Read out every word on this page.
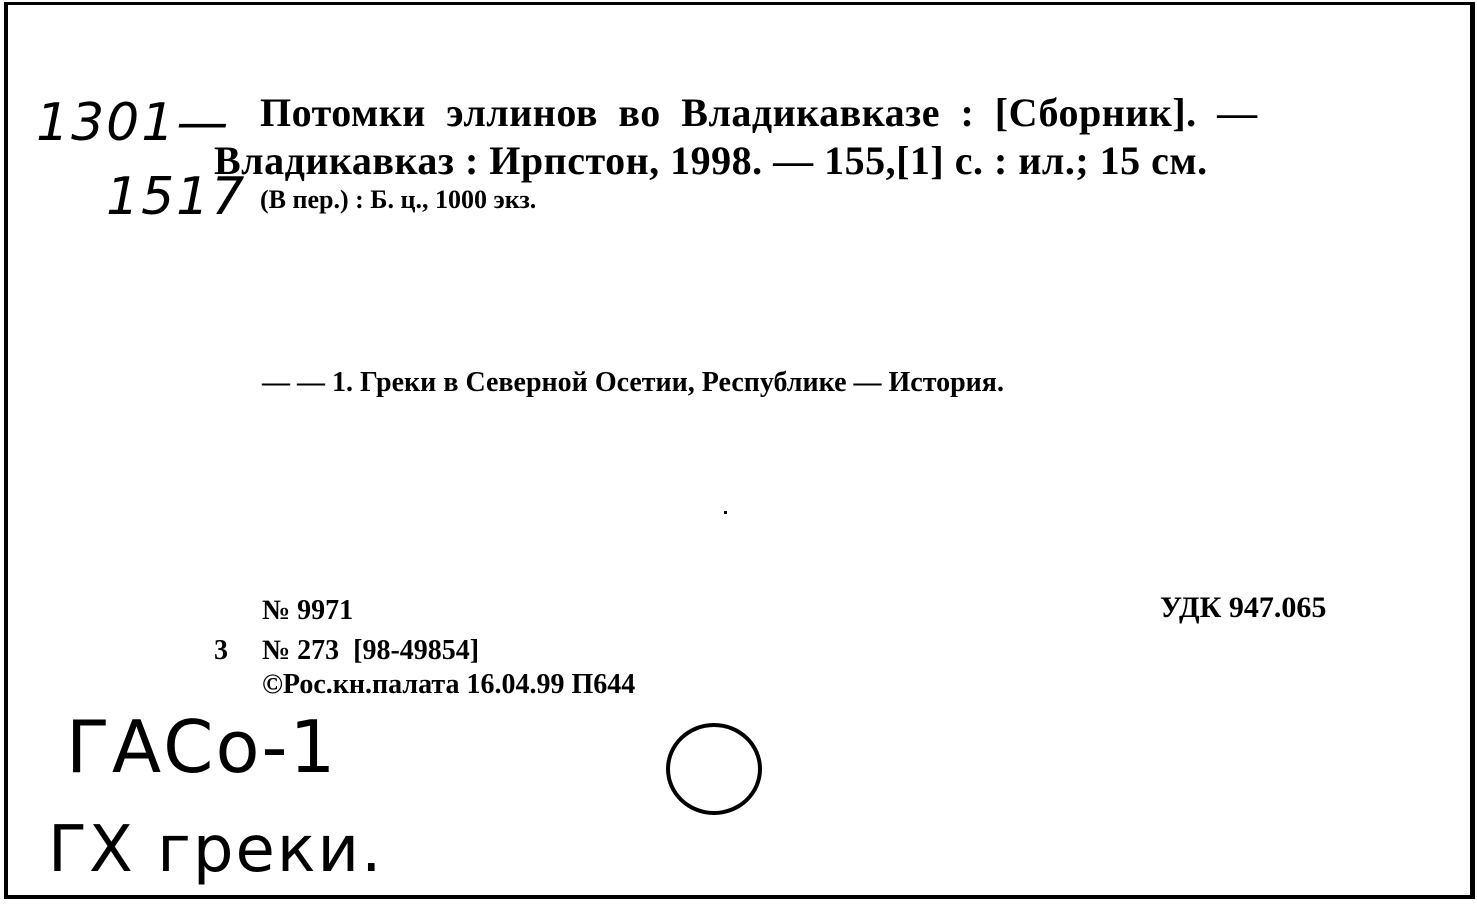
1301—
1517
Потомки эллинов во Владикавказе : [Сборник]. —
Владикавказ : Ирпстон, 1998. — 155,[1] с. : ил.; 15 см.
(В пер.) : Б. ц., 1000 экз.
— — 1. Греки в Северной Осетии, Республике — История.
№ 9971
3 № 273  [98-49854]
©Рос.кн.палата 16.04.99 П644
УДК 947.065
ГАСо-1
ГХ греки.
